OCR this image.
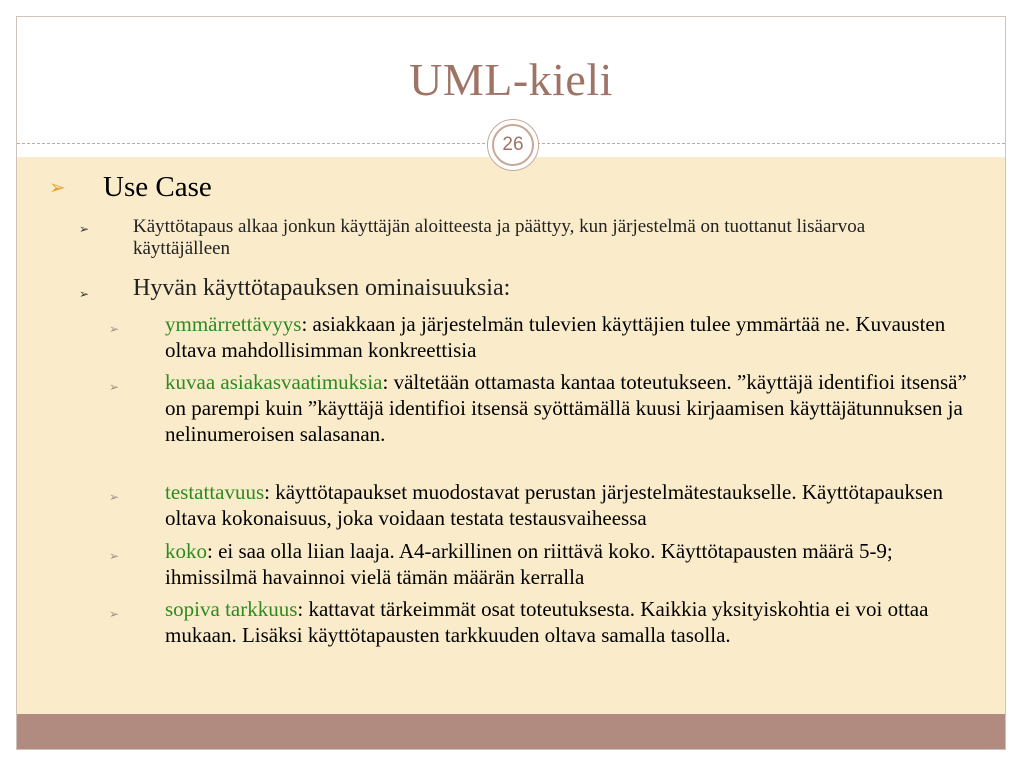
UML-kieli
26
➢ Use Case
➢ Käyttötapaus alkaa jonkun käyttäjän aloitteesta ja päättyy, kun järjestelmä on tuottanut lisäarvoa käyttäjälleen
➢ Hyvän käyttötapauksen ominaisuuksia:
➢ ymmärrettävyys: asiakkaan ja järjestelmän tulevien käyttäjien tulee ymmärtää ne. Kuvausten oltava mahdollisimman konkreettisia
➢ kuvaa asiakasvaatimuksia: vältetään ottamasta kantaa toteutukseen. ”käyttäjä identifioi itsensä” on parempi kuin ”käyttäjä identifioi itsensä syöttämällä kuusi kirjaamisen käyttäjätunnuksen ja nelinumeroisen salasanan.
➢ testattavuus: käyttötapaukset muodostavat perustan järjestelmätestaukselle. Käyttötapauksen oltava kokonaisuus, joka voidaan testata testausvaiheessa
➢ koko: ei saa olla liian laaja. A4-arkillinen on riittävä koko. Käyttötapausten määrä 5-9; ihmissilmä havainnoi vielä tämän määrän kerralla
➢ sopiva tarkkuus: kattavat tärkeimmät osat toteutuksesta. Kaikkia yksityiskohtia ei voi ottaa mukaan. Lisäksi käyttötapausten tarkkuuden oltava samalla tasolla.
